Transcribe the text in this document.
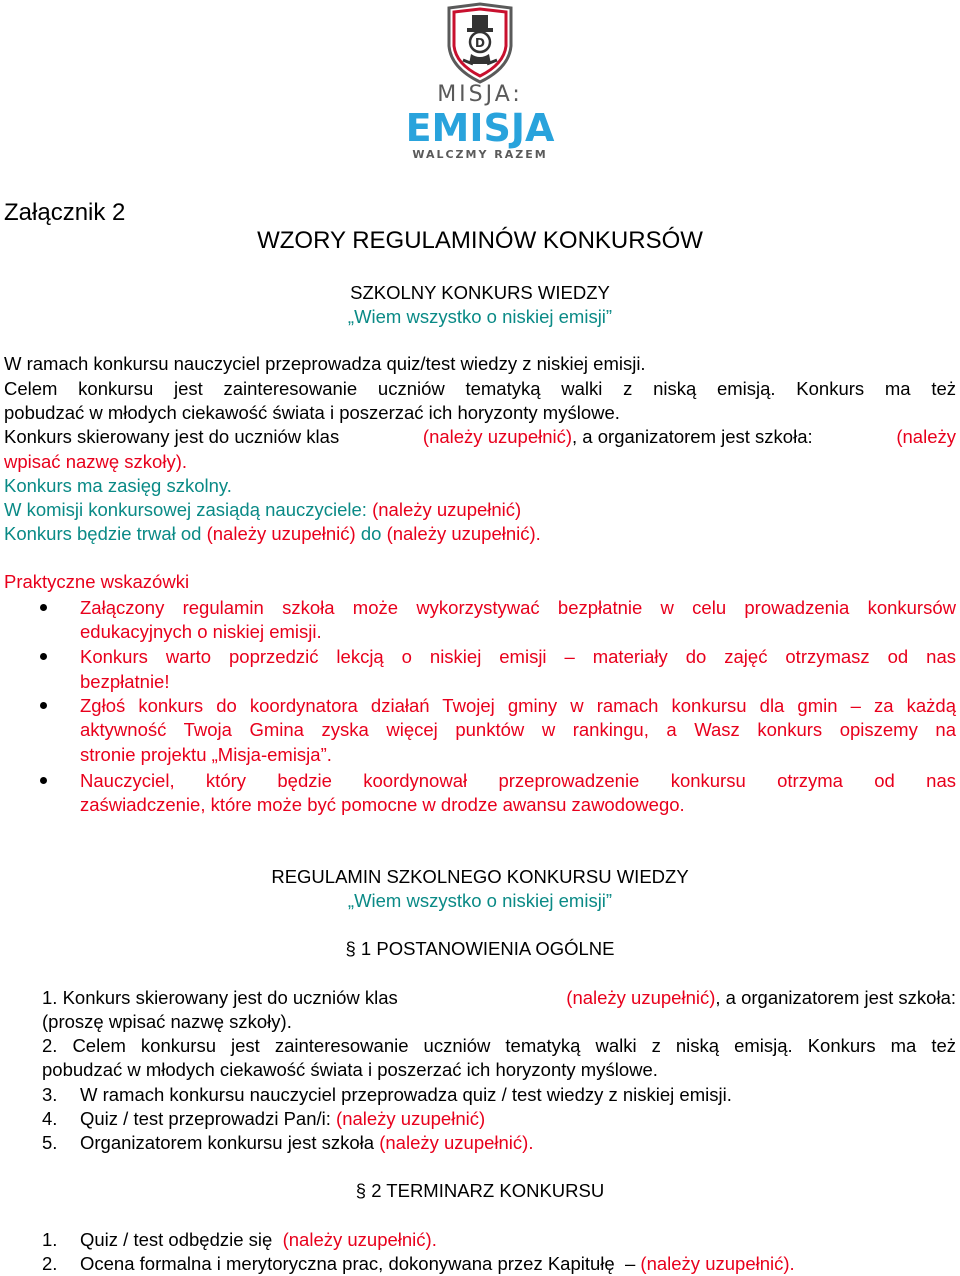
D
MISJA:
EMISJA
WALCZMY RAZEM
Załącznik 2
WZORY REGULAMINÓW KONKURSÓW
SZKOLNY KONKURS WIEDZY
„Wiem wszystko o niskiej emisji”
W ramach konkursu nauczyciel przeprowadza quiz/test wiedzy z niskiej emisji.
Celem konkursu jest zainteresowanie uczniów tematyką walki z niską emisją. Konkurs ma też
pobudzać w młodych ciekawość świata i poszerzać ich horyzonty myślowe.
Konkurs skierowany jest do uczniów klas	(należy uzupełnić), a organizatorem jest szkoła:	(należy
wpisać nazwę szkoły).
Konkurs ma zasięg szkolny.
W komisji konkursowej zasiądą nauczyciele: (należy uzupełnić)
Konkurs będzie trwał od (należy uzupełnić) do (należy uzupełnić).
Praktyczne wskazówki
Załączony regulamin szkoła może wykorzystywać bezpłatnie w celu prowadzenia konkursów
edukacyjnych o niskiej emisji.
Konkurs warto poprzedzić lekcją o niskiej emisji – materiały do zajęć otrzymasz od nas
bezpłatnie!
Zgłoś konkurs do koordynatora działań Twojej gminy w ramach konkursu dla gmin – za każdą
aktywność Twoja Gmina zyska więcej punktów w rankingu, a Wasz konkurs opiszemy na
stronie projektu „Misja-emisja”.
Nauczyciel, który będzie koordynował przeprowadzenie konkursu otrzyma od nas
zaświadczenie, które może być pomocne w drodze awansu zawodowego.
REGULAMIN SZKOLNEGO KONKURSU WIEDZY
„Wiem wszystko o niskiej emisji”
§ 1 POSTANOWIENIA OGÓLNE
1. Konkurs skierowany jest do uczniów klas	(należy uzupełnić), a organizatorem jest szkoła:
(proszę wpisać nazwę szkoły).
2. Celem konkursu jest zainteresowanie uczniów tematyką walki z niską emisją. Konkurs ma też
pobudzać w młodych ciekawość świata i poszerzać ich horyzonty myślowe.
3. W ramach konkursu nauczyciel przeprowadza quiz / test wiedzy z niskiej emisji.
4. Quiz / test przeprowadzi Pan/i: (należy uzupełnić)
5. Organizatorem konkursu jest szkoła (należy uzupełnić).
§ 2 TERMINARZ KONKURSU
1. Quiz / test odbędzie się (należy uzupełnić).
2. Ocena formalna i merytoryczna prac, dokonywana przez Kapitułę – (należy uzupełnić).
